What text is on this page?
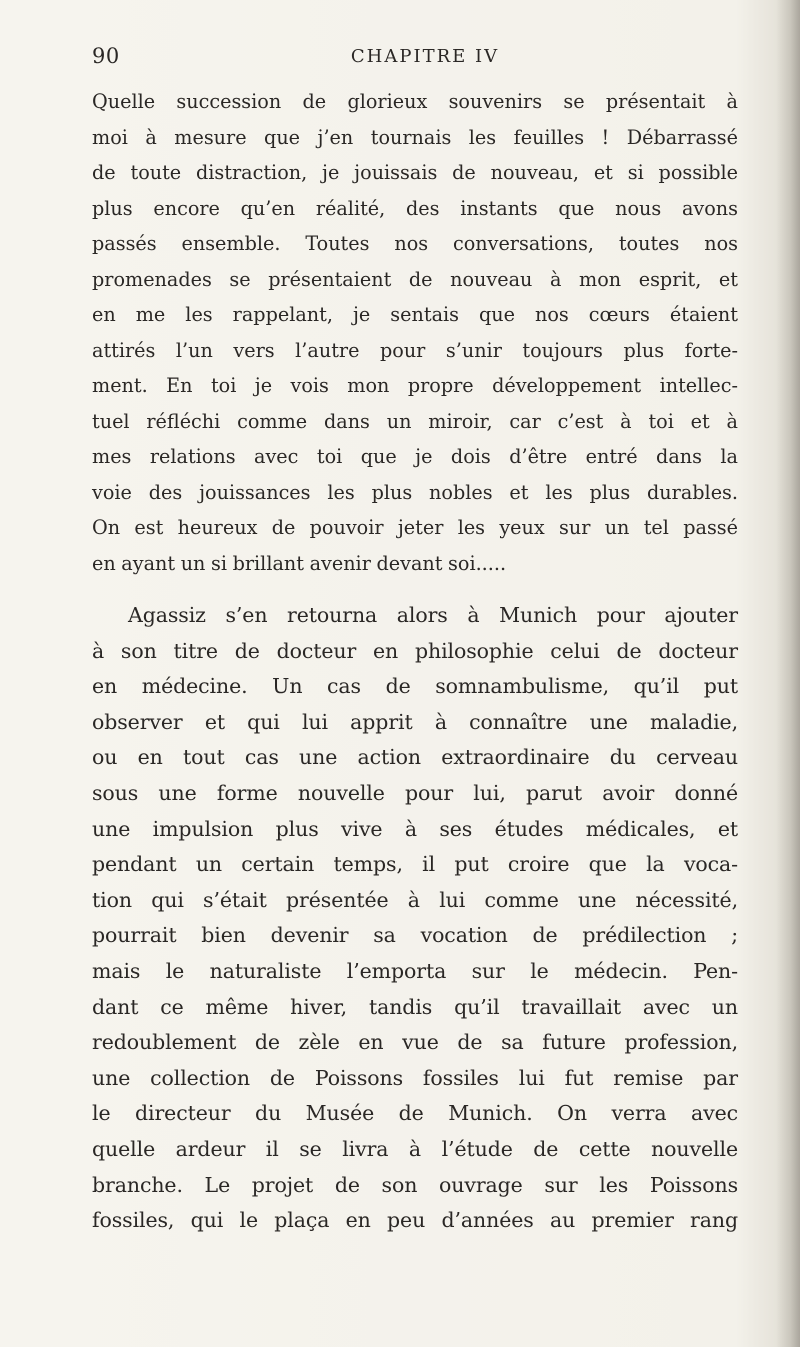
90	CHAPITRE IV

Quelle succession de glorieux souvenirs se présentait à
moi à mesure que j’en tournais les feuilles ! Débarrassé
de toute distraction, je jouissais de nouveau, et si possible
plus encore qu’en réalité, des instants que nous avons
passés ensemble. Toutes nos conversations, toutes nos
promenades se présentaient de nouveau à mon esprit, et
en me les rappelant, je sentais que nos cœurs étaient
attirés l’un vers l’autre pour s’unir toujours plus forte-
ment. En toi je vois mon propre développement intellec-
tuel réfléchi comme dans un miroir, car c’est à toi et à
mes relations avec toi que je dois d’être entré dans la
voie des jouissances les plus nobles et les plus durables.
On est heureux de pouvoir jeter les yeux sur un tel passé
en ayant un si brillant avenir devant soi.....

Agassiz s’en retourna alors à Munich pour ajouter
à son titre de docteur en philosophie celui de docteur
en médecine. Un cas de somnambulisme, qu’il put
observer et qui lui apprit à connaître une maladie,
ou en tout cas une action extraordinaire du cerveau
sous une forme nouvelle pour lui, parut avoir donné
une impulsion plus vive à ses études médicales, et
pendant un certain temps, il put croire que la voca-
tion qui s’était présentée à lui comme une nécessité,
pourrait bien devenir sa vocation de prédilection ;
mais le naturaliste l’emporta sur le médecin. Pen-
dant ce même hiver, tandis qu’il travaillait avec un
redoublement de zèle en vue de sa future profession,
une collection de Poissons fossiles lui fut remise par
le directeur du Musée de Munich. On verra avec
quelle ardeur il se livra à l’étude de cette nouvelle
branche. Le projet de son ouvrage sur les Poissons
fossiles, qui le plaça en peu d’années au premier rang
